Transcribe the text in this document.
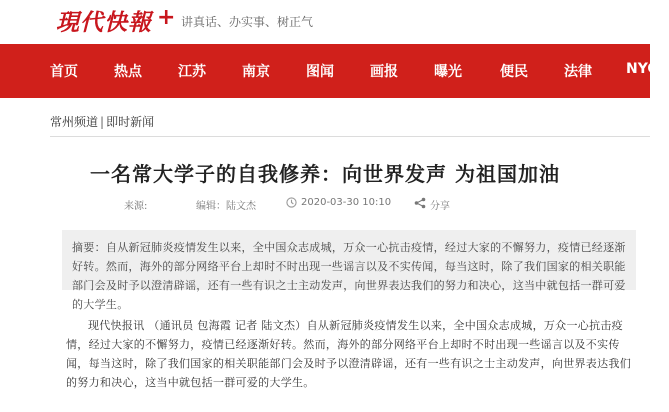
現代快報 + 讲真话、办实事、树正气
首页	热点	江苏	南京	图闻	画报	曝光	便民	法律 NYC+
常州频道 | 即时新闻
一名常大学子的自我修养：向世界发声 为祖国加油
来源:	编辑：陆文杰	2020-03-30 10:10	分享
摘要：自从新冠肺炎疫情发生以来，全中国众志成城，万众一心抗击疫情，经过大家的不懈努力，疫情已经逐渐好转。然而，海外的部分网络平台上却时不时出现一些谣言以及不实传闻，每当这时，除了我们国家的相关职能部门会及时予以澄清辟谣，还有一些有识之士主动发声，向世界表达我们的努力和决心，这当中就包括一群可爱的大学生。

现代快报讯 （通讯员 包海霞 记者 陆文杰）自从新冠肺炎疫情发生以来，全中国众志成城，万众一心抗击疫情，经过大家的不懈努力，疫情已经逐渐好转。然而，海外的部分网络平台上却时不时出现一些谣言以及不实传闻，每当这时，除了我们国家的相关职能部门会及时予以澄清辟谣，还有一些有识之士主动发声，向世界表达我们的努力和决心，这当中就包括一群可爱的大学生。
